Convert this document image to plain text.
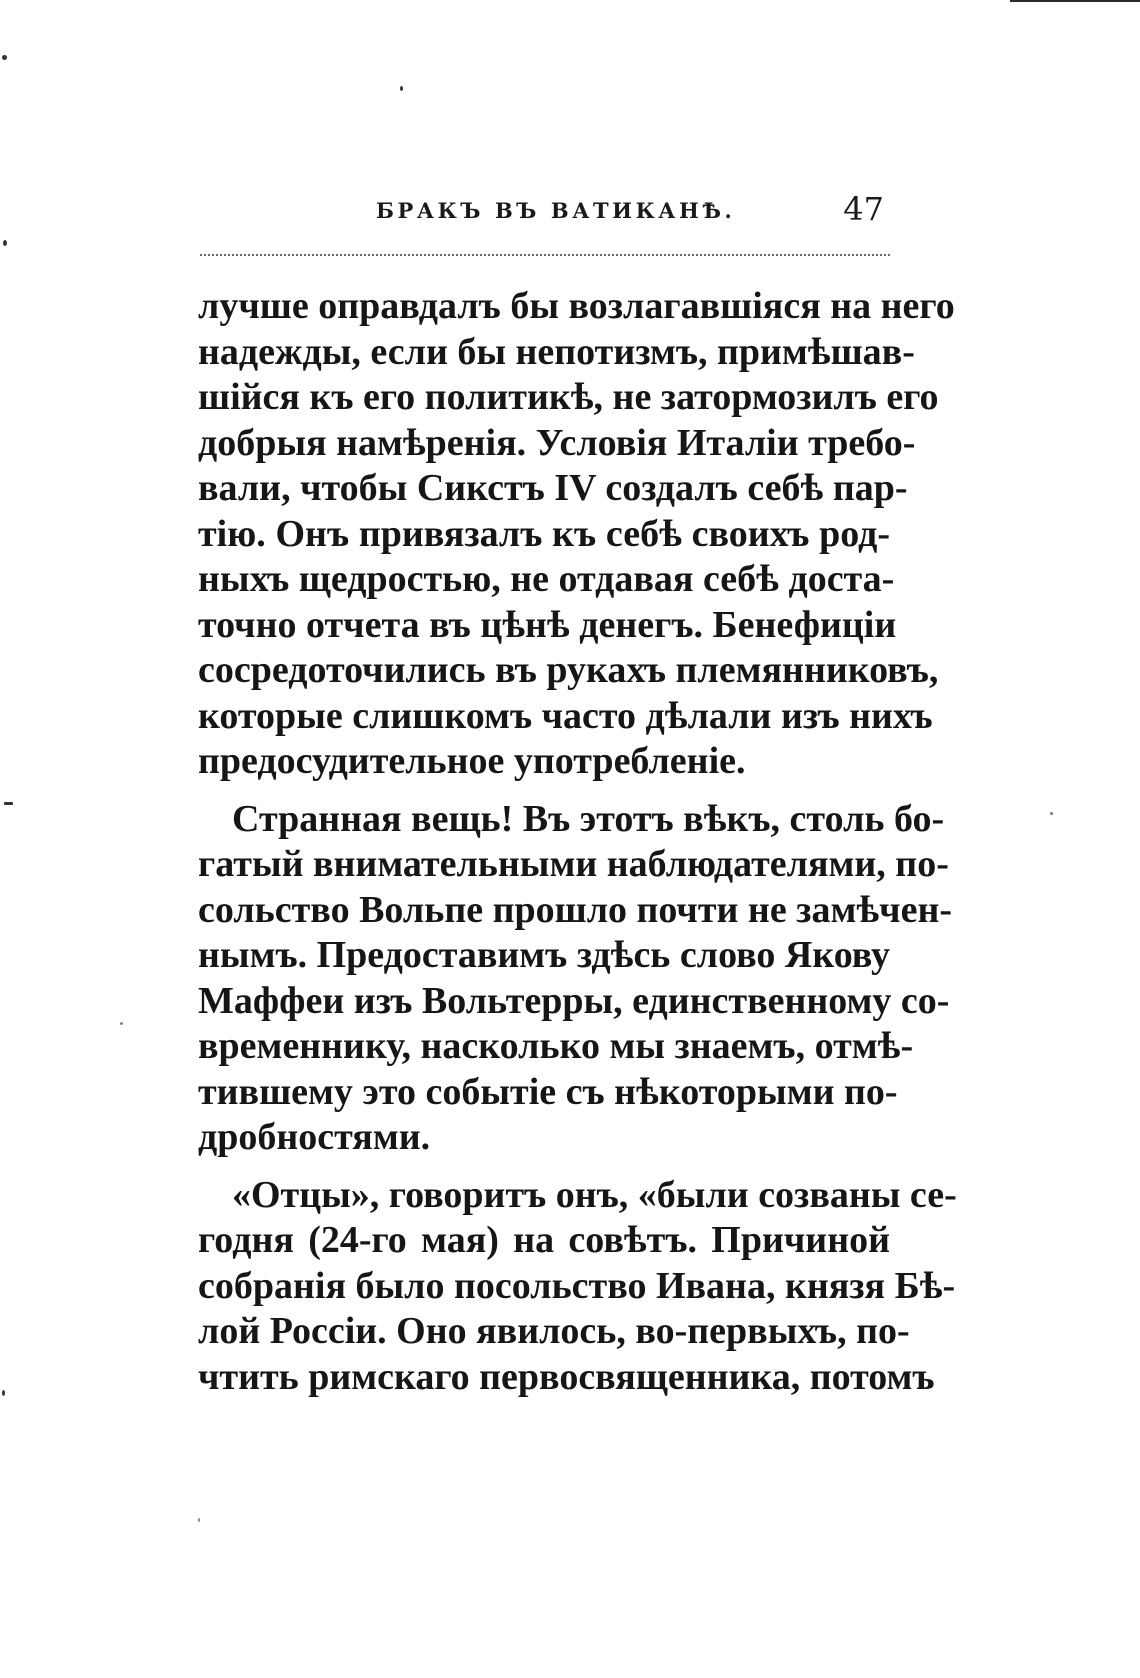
БРАКЪ ВЪ ВАТИКАНѢ.	47
лучше оправдалъ бы возлагавшіяся на него
надежды, если бы непотизмъ, примѣшав-
шійся къ его политикѣ, не затормозилъ его
добрыя намѣренія. Условія Италіи требо-
вали, чтобы Сикстъ IV создалъ себѣ пар-
тію. Онъ привязалъ къ себѣ своихъ род-
ныхъ щедростью, не отдавая себѣ доста-
точно отчета въ цѣнѣ денегъ. Бенефиціи
сосредоточились въ рукахъ племянниковъ,
которые слишкомъ часто дѣлали изъ нихъ
предосудительное употребленіе.
Странная вещь! Въ этотъ вѣкъ, столь бо-
гатый внимательными наблюдателями, по-
сольство Вольпе прошло почти не замѣчен-
нымъ. Предоставимъ здѣсь слово Якову
Маффеи изъ Вольтерры, единственному со-
временнику, насколько мы знаемъ, отмѣ-
тившему это событіе съ нѣкоторыми по-
дробностями.
«Отцы», говоритъ онъ, «были созваны се-
годня (24-го мая) на совѣтъ. Причиной
собранія было посольство Ивана, князя Бѣ-
лой Россіи. Оно явилось, во-первыхъ, по-
чтить римскаго первосвященника, потомъ
